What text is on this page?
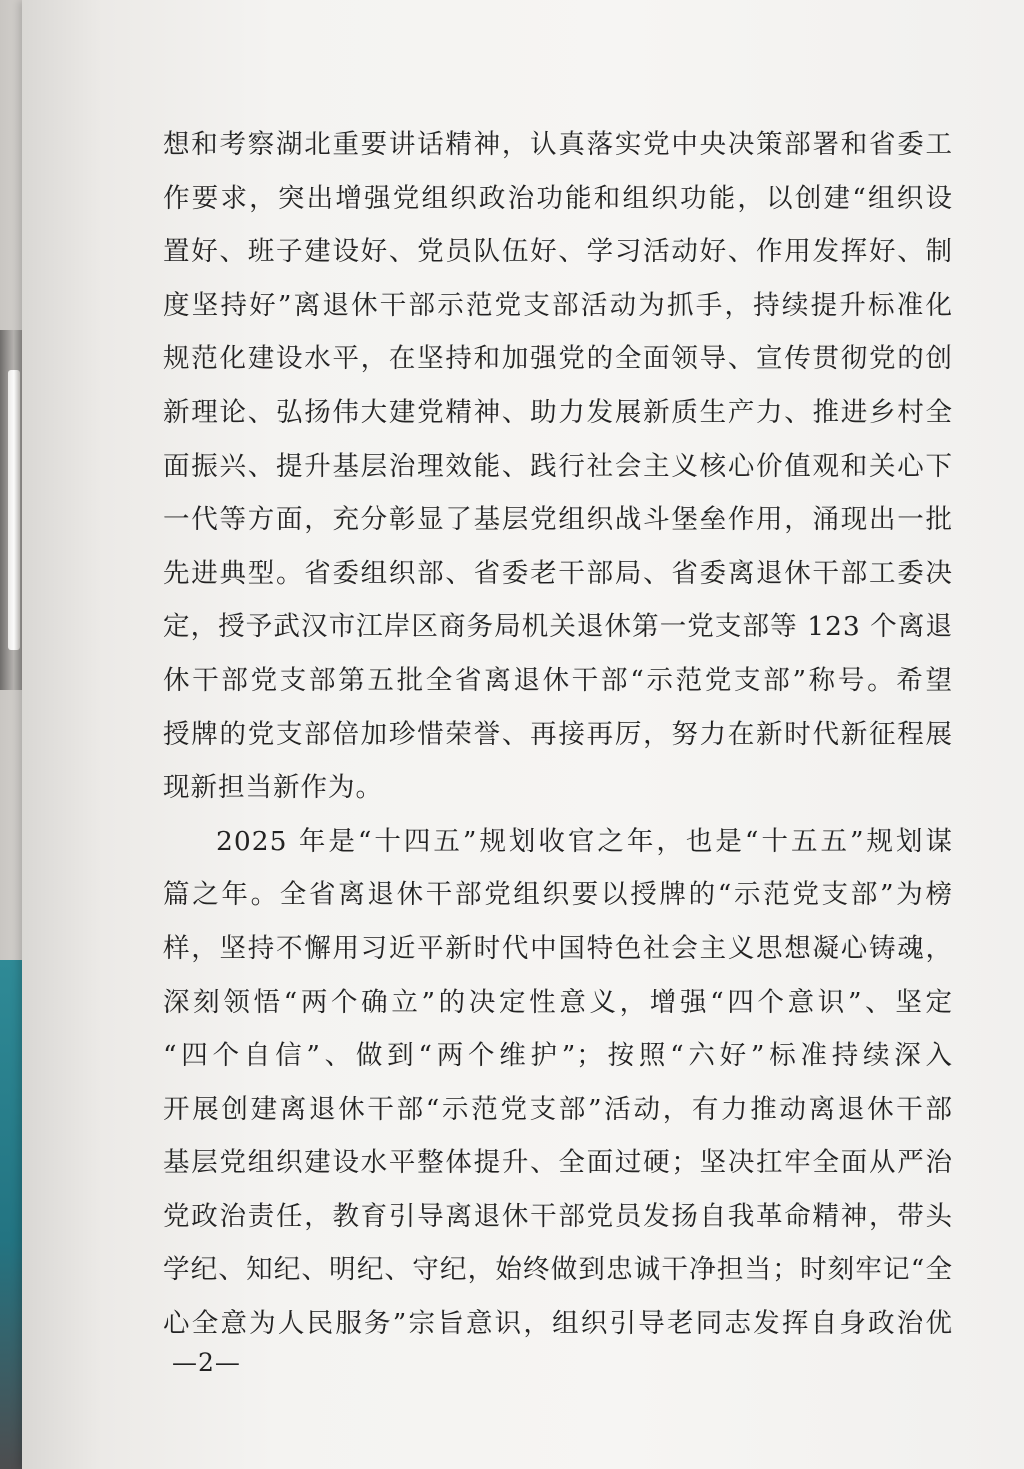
想和考察湖北重要讲话精神，认真落实党中央决策部署和省委工
作要求，突出增强党组织政治功能和组织功能，以创建“组织设
置好、班子建设好、党员队伍好、学习活动好、作用发挥好、制
度坚持好”离退休干部示范党支部活动为抓手，持续提升标准化
规范化建设水平，在坚持和加强党的全面领导、宣传贯彻党的创
新理论、弘扬伟大建党精神、助力发展新质生产力、推进乡村全
面振兴、提升基层治理效能、践行社会主义核心价值观和关心下
一代等方面，充分彰显了基层党组织战斗堡垒作用，涌现出一批
先进典型。省委组织部、省委老干部局、省委离退休干部工委决
定，授予武汉市江岸区商务局机关退休第一党支部等 123 个离退
休干部党支部第五批全省离退休干部“示范党支部”称号。希望
授牌的党支部倍加珍惜荣誉、再接再厉，努力在新时代新征程展
现新担当新作为。

2025 年是“十四五”规划收官之年，也是“十五五”规划谋
篇之年。全省离退休干部党组织要以授牌的“示范党支部”为榜
样，坚持不懈用习近平新时代中国特色社会主义思想凝心铸魂，
深刻领悟“两个确立”的决定性意义，增强“四个意识”、坚定
“四个自信”、做到“两个维护”；按照“六好”标准持续深入
开展创建离退休干部“示范党支部”活动，有力推动离退休干部
基层党组织建设水平整体提升、全面过硬；坚决扛牢全面从严治
党政治责任，教育引导离退休干部党员发扬自我革命精神，带头
学纪、知纪、明纪、守纪，始终做到忠诚干净担当；时刻牢记“全
心全意为人民服务”宗旨意识，组织引导老同志发挥自身政治优

—2—
